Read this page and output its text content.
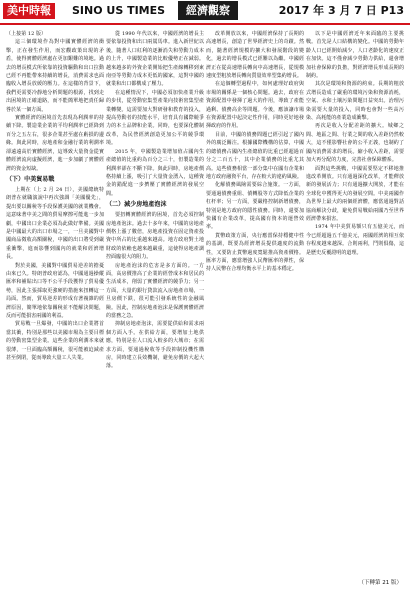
美中時報	SINO US TIMES	經濟觀察	2017 年 3 月 7 日 P13

（上接第 12 版）

這三個環境作為對中國實體經濟的衝擊，正在發生作用，而宏觀政策出現的矛盾，使得實體經濟處在更加艱難的境地。過去的增長模式所依靠的投資驅動和出口拉動已經不再能帶來持續的增長，消費需求也面臨收入增長放緩的壓力。在這樣的背景下，我們更需要冷靜地分析問題的根源，找到走出困境的正確道路，而不能簡單地把責任歸咎於某一個方面。

實體經濟的困境首先表現為利潤率的持續下降。製造業企業的平均利潤率已經降到百分之五左右，很多企業甚至處在虧損的邊緣。與此同時，房地產和金融行業的利潤率卻遠遠高於實體經濟，這導致大量資金從實體經濟流向虛擬經濟，進一步加劇了實體經濟的資金短缺。

（下）中美貿易戰

上期在（上 2 月 24 日），美國總統特朗普在就職演說中再次強調「美國優先」，提出要以關稅等手段保護美國的就業機會。這意味著中美之間的貿易摩擦可能進一步加劇，中國出口企業必須為此做好準備。美國是中國最大的出口市場之一，一旦美國對中國商品徵收高額關稅，中國的出口將受到嚴重衝擊，進而影響到國內的就業和經濟增長。

對於美國，美國對中國貿易逆差的擔憂由來已久。特朗普政府認為，中國通過操縱匯率和補貼出口等不公平手段獲得了貿易優勢，因此主張採取更強硬的措施來扭轉這一局面。然而，貿易逆差的形成有著複雜的經濟原因，簡單地依靠關稅並不能解決問題，反而可能損害兩國的利益。

貿易戰一旦爆發，中國的出口企業將首當其衝，特別是那些以美國市場為主要目標的勞動密集型企業。這些企業的利潤本來就很薄，一旦面臨高額關稅，很可能被迫減產甚至倒閉，從而導致大量工人失業。

從 1990 年代以來，中國經濟的增長主要依靠投資和出口兩駕馬車。進入新世紀以後，隨著人口紅利的逐漸消失和勞動力成本的上升，中國製造業的比較優勢正在減弱。越來越多的外資企業開始把生產線轉移到東南亞等勞動力成本更低的國家，這對中國的就業和出口都構成了壓力。

在這種情況下，中國必須加快產業升級的步伐，從勞動密集型產業向技術密集型產業轉變。這需要加大對研發和教育的投入，提高勞動者的技能水平，培育具有國際競爭力的本土品牌和企業。同時，也要深化體制改革，為民營經濟創造更加公平的競爭環境。

2015 年，中國製造業增加值占國內生產總值的比重約為百分之三十，但製造業的利潤率卻在不斷下降。與此同時，房地產價格持續上漲，吸引了大量資金湧入，這種資金的錯配進一步擠壓了實體經濟的發展空間。

（二）減少房地產泡沫

要扭轉實體經濟的困境，首先必須控制房地產泡沫。過去十多年來，中國的房地產價格上漲了數倍，房地產投資在固定資產投資中所占的比重越來越高。地方政府對土地財政的依賴也越來越嚴重，這使得房地產調控面臨很大的阻力。

房地產泡沫的危害是多方面的。一方面，高房價推高了企業的經營成本和居民的生活成本，削弱了實體經濟的競爭力；另一方面，大量的銀行貸款流入房地產市場，一旦房價下跌，很可能引發系統性的金融風險。因此，控制房地產泡沫是保護實體經濟的當務之急。

抑制房地產泡沫，需要從供給和需求兩個方面入手。在供給方面，要增加土地供應，特別是在人口流入較多的大城市；在需求方面，要通過稅收等手段抑制投機性購房，同時建立長效機制，避免房價的大起大落。

改革開放以來，中國經濟保持了長期的高速增長，創造了世界經濟史上的奇蹟。然而，隨著經濟規模的擴大和發展階段的變化，過去的增長模式已經難以為繼。中國經濟正在從高速增長轉向中高速增長，從規模速度型粗放增長轉向質量效率型集約增長。

在這個轉型過程中，如何處理好政府與市場的關係是一個核心問題。過去，政府在資源配置中發揮了過大的作用，導致了產能過剩、債務高企等問題。今後，應該讓市場在資源配置中起決定性作用，同時更好地發揮政府的作用。

目前，中國的債務問題已經引起了國內外的廣泛關注。根據國際機構的估算，中國的總債務占國內生產總值的比重已經超過百分之二百五十，其中企業債務的比重尤其高。這些債務相當一部分集中在國有企業和地方政府融資平台，存在較大的違約風險。

化解債務風險需要綜合施策。一方面，要通過債務重組、債轉股等方式降低企業的杠杆率；另一方面，要嚴格控制新增債務，特別是地方政府的隱性債務。同時，還要加快國有企業改革，提高國有資本的運營效率。

貨幣政策方面，央行應當保持穩健中性的基調，既要為經濟增長提供適度的流動性，又要防止貨幣過度寬鬆推高資產價格。匯率方面，應當增強人民幣匯率的彈性，保持人民幣在合理均衡水平上的基本穩定。

以下是中國經濟近年來面臨的主要挑戰。首先是人口結構的變化。中國的勞動年齡人口已經開始減少，人口老齡化的速度正在加快。這不僅會減少勞動力供給，還會增加社會保障的負擔，對經濟增長形成長期的制約。

其次是環境和資源的約束。長期的粗放式增長造成了嚴重的環境污染和資源消耗，空氣、水和土壤污染問題日益突出。治理污染需要大量的投入，同時也會對一些高污染、高耗能的產業造成衝擊。

再次是收入分配差距的擴大。城鄉之間、地區之間、行業之間的收入差距仍然較大，這不僅影響社會的公平正義，也制約了國內消費需求的增長。縮小收入差距，需要加大再分配的力度，完善社會保障體系。

面對這些挑戰，中國需要堅定不移地推進改革開放。只有通過深化改革，才能釋放新的發展活力；只有通過擴大開放，才能在全球化中獲得更大的發展空間。中美兩國作為世界上最大的兩個經濟體，應當通過對話協商解決分歧，避免貿易戰給兩國乃至世界經濟帶來損害。

1974 年中美貿易額只有五億美元，而今已經超過五千億美元，兩國經濟的相互依存程度越來越深。合則兩利，鬥則俱傷，這是歷史反覆證明的道理。

（下轉第 21 版）
